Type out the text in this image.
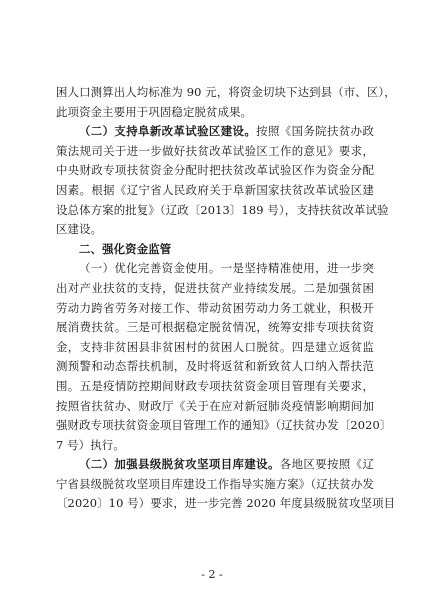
困人口测算出人均标准为 90 元，将资金切块下达到县（市、区），
此项资金主要用于巩固稳定脱贫成果。
（二）支持阜新改革试验区建设。按照《国务院扶贫办政
策法规司关于进一步做好扶贫改革试验区工作的意见》要求，
中央财政专项扶贫资金分配时把扶贫改革试验区作为资金分配
因素。根据《辽宁省人民政府关于阜新国家扶贫改革试验区建
设总体方案的批复》（辽政〔2013〕189 号），支持扶贫改革试验
区建设。
二、强化资金监管
（一）优化完善资金使用。一是坚持精准使用，进一步突
出对产业扶贫的支持，促进扶贫产业持续发展。二是加强贫困
劳动力跨省劳务对接工作、带动贫困劳动力务工就业，积极开
展消费扶贫。三是可根据稳定脱贫情况，统筹安排专项扶贫资
金，支持非贫困县非贫困村的贫困人口脱贫。四是建立返贫监
测预警和动态帮扶机制，及时将返贫和新致贫人口纳入帮扶范
围。五是疫情防控期间财政专项扶贫资金项目管理有关要求，
按照省扶贫办、财政厅《关于在应对新冠肺炎疫情影响期间加
强财政专项扶贫资金项目管理工作的通知》（辽扶贫办发〔2020〕
7 号）执行。
（二）加强县级脱贫攻坚项目库建设。各地区要按照《辽
宁省县级脱贫攻坚项目库建设工作指导实施方案》（辽扶贫办发
〔2020〕10 号）要求，进一步完善 2020 年度县级脱贫攻坚项目
- 2 -
